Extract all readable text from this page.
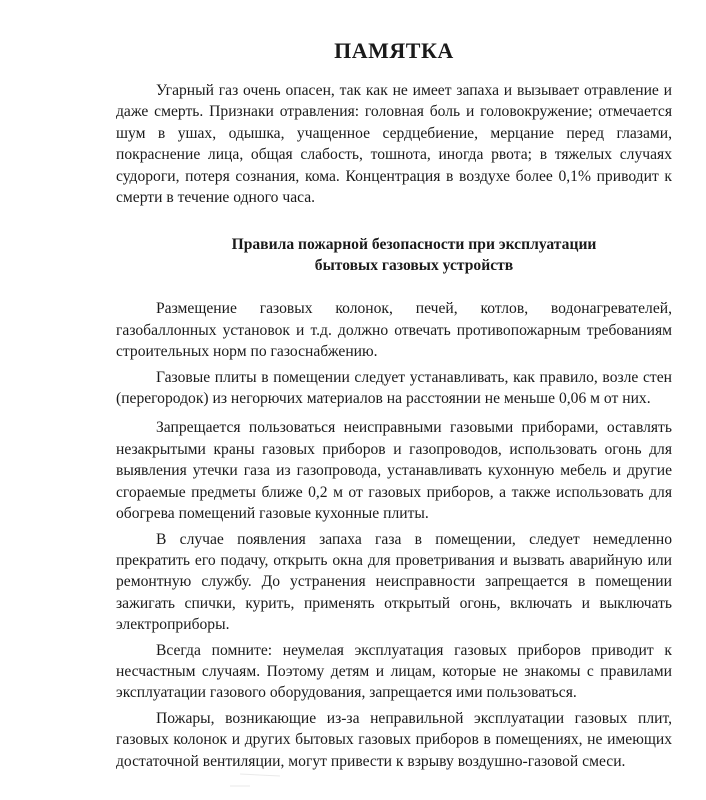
ПАМЯТКА

Угарный газ очень опасен, так как не имеет запаха и вызывает отравление и даже смерть. Признаки отравления: головная боль и головокружение; отмечается шум в ушах, одышка, учащенное сердцебиение, мерцание перед глазами, покраснение лица, общая слабость, тошнота, иногда рвота; в тяжелых случаях судороги, потеря сознания, кома. Концентрация в воздухе более 0,1% приводит к смерти в течение одного часа.

Правила пожарной безопасности при эксплуатации
бытовых газовых устройств

Размещение газовых колонок, печей, котлов, водонагревателей, газобаллонных установок и т.д. должно отвечать противопожарным требованиям строительных норм по газоснабжению.

Газовые плиты в помещении следует устанавливать, как правило, возле стен (перегородок) из негорючих материалов на расстоянии не меньше 0,06 м от них.

Запрещается пользоваться неисправными газовыми приборами, оставлять незакрытыми краны газовых приборов и газопроводов, использовать огонь для выявления утечки газа из газопровода, устанавливать кухонную мебель и другие сгораемые предметы ближе 0,2 м от газовых приборов, а также использовать для обогрева помещений газовые кухонные плиты.

В случае появления запаха газа в помещении, следует немедленно прекратить его подачу, открыть окна для проветривания и вызвать аварийную или ремонтную службу. До устранения неисправности запрещается в помещении зажигать спички, курить, применять открытый огонь, включать и выключать электроприборы.

Всегда помните: неумелая эксплуатация газовых приборов приводит к несчастным случаям. Поэтому детям и лицам, которые не знакомы с правилами эксплуатации газового оборудования, запрещается ими пользоваться.

Пожары, возникающие из-за неправильной эксплуатации газовых плит, газовых колонок и других бытовых газовых приборов в помещениях, не имеющих достаточной вентиляции, могут привести к взрыву воздушно-газовой смеси.
